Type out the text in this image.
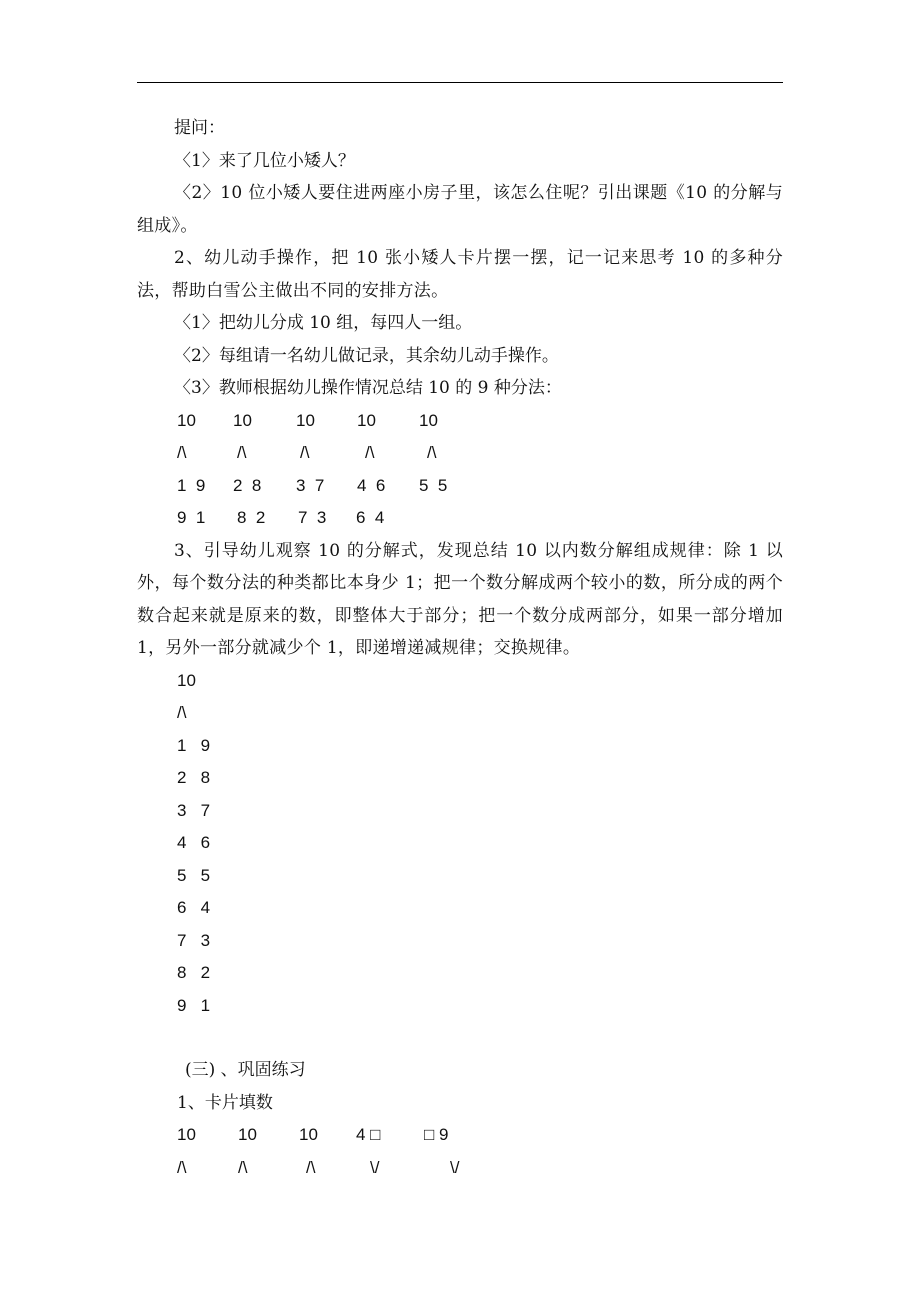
提问：
〈1〉来了几位小矮人？
〈2〉10 位小矮人要住进两座小房子里，该怎么住呢？引出课题《10 的分解与组成》。
2、幼儿动手操作，把 10 张小矮人卡片摆一摆，记一记来思考 10 的多种分法，帮助白雪公主做出不同的安排方法。
〈1〉把幼儿分成 10 组，每四人一组。
〈2〉每组请一名幼儿做记录，其余幼儿动手操作。
〈3〉教师根据幼儿操作情况总结 10 的 9 种分法：
10 10	10 10	10
/\	/\	/\	/\	/\
1  9 2  8 3  7 4  6 5  5
9  1 8  2 7  3 6  4
3、引导幼儿观察 10 的分解式，发现总结 10 以内数分解组成规律：除 1 以外，每个数分法的种类都比本身少 1；把一个数分解成两个较小的数，所分成的两个数合起来就是原来的数，即整体大于部分；把一个数分成两部分，如果一部分增加 1，另外一部分就减少个 1，即递增递减规律；交换规律。
10
/\
1   9
2   8
3   7
4   6
5   5
6   4
7   3
8   2
9   1
(三) 、巩固练习
1、卡片填数
10 10 10 4 □	□ 9
/\	/\	/\	\/	\/
